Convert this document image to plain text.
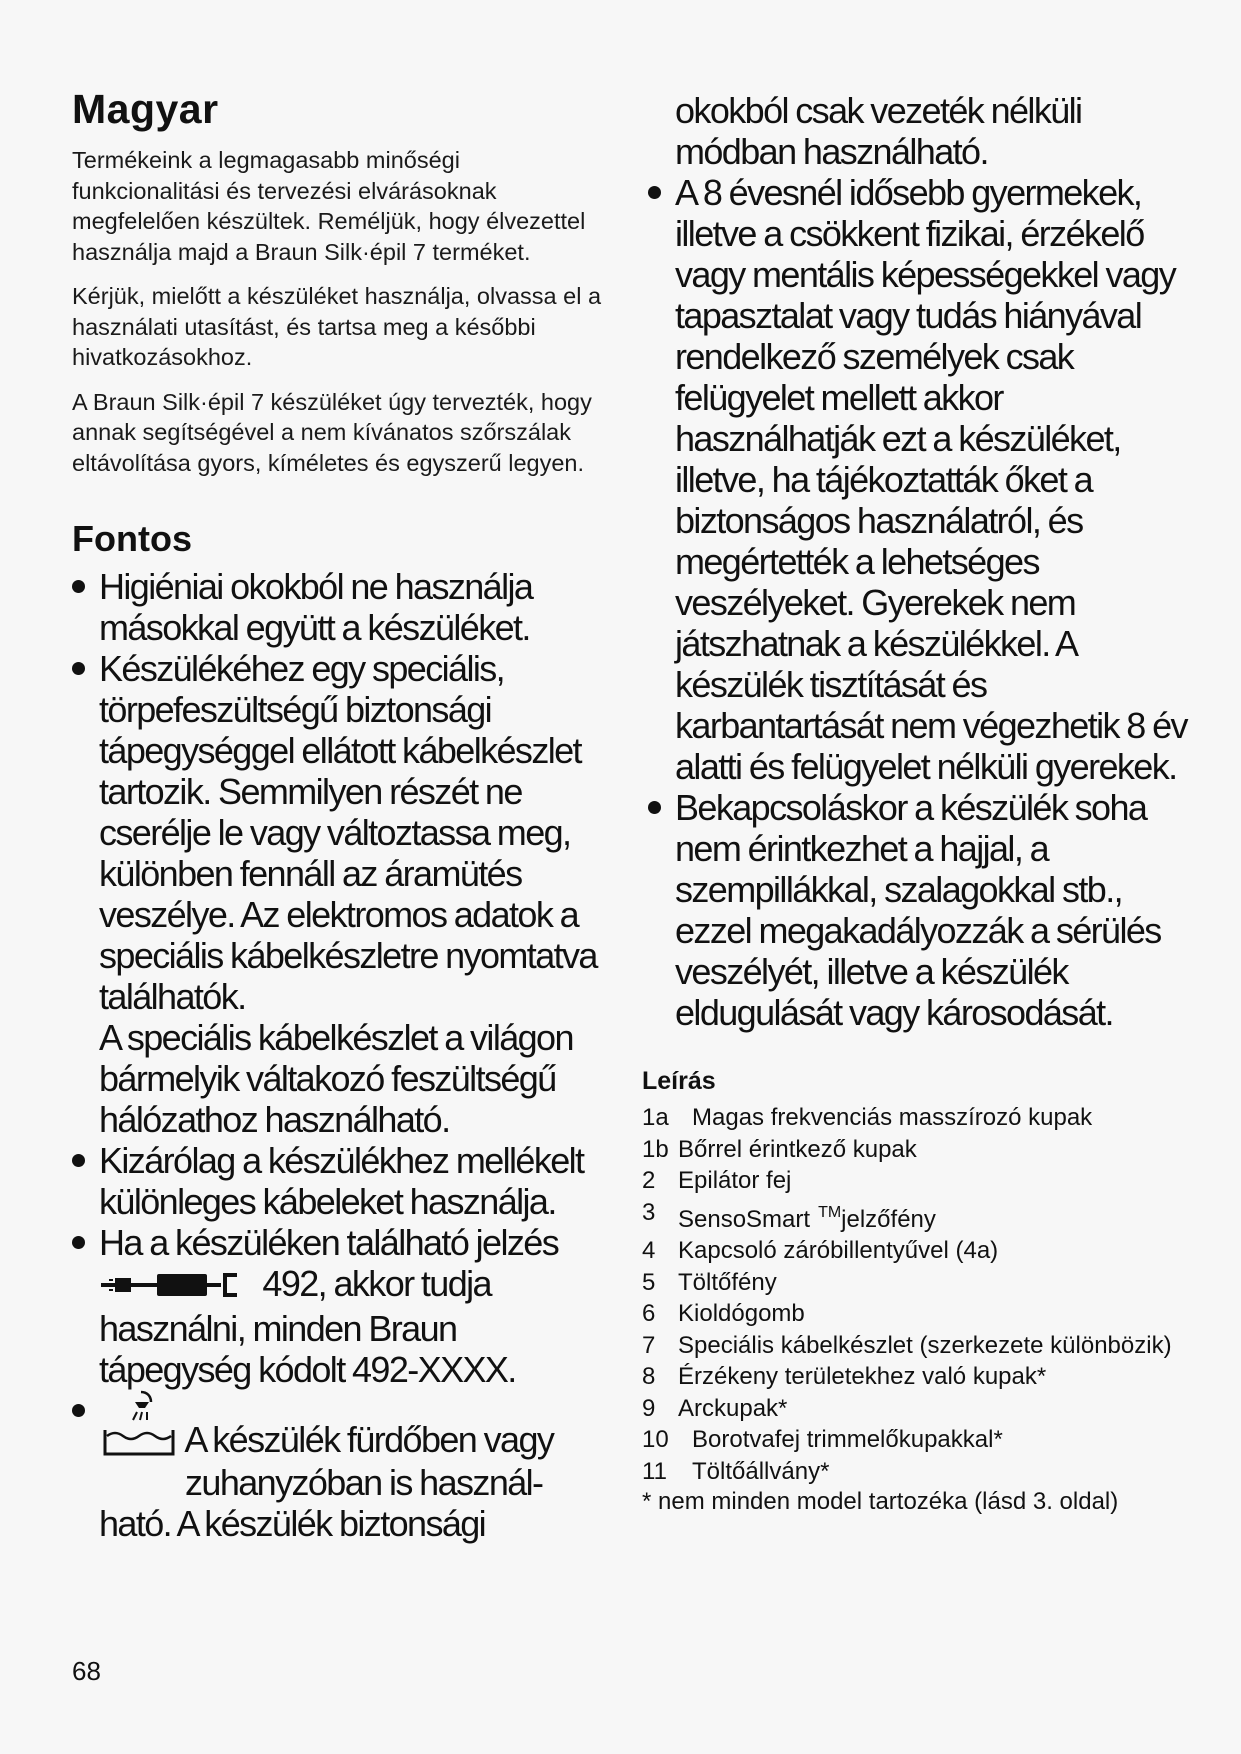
Magyar

Termékeink a legmagasabb minőségi funkcionalitási és tervezési elvárásoknak megfelelően készültek. Reméljük, hogy élvezettel használja majd a Braun Silk·épil 7 terméket.

Kérjük, mielőtt a készüléket használja, olvassa el a használati utasítást, és tartsa meg a későbbi hivatkozásokhoz.

A Braun Silk·épil 7 készüléket úgy tervezték, hogy annak segítségével a nem kívánatos szőrszálak eltávolítása gyors, kíméletes és egyszerű legyen.

Fontos
Higiéniai okokból ne használja másokkal együtt a készüléket.
Készülékéhez egy speciális, törpefeszültségű biztonsági tápegységgel ellátott kábelkészlet tartozik. Semmilyen részét ne cserélje le vagy változtassa meg, különben fennáll az áramütés veszélye. Az elektromos adatok a speciális kábelkészletre nyomtatva találhatók.
A speciális kábelkészlet a világon bármelyik váltakozó feszültségű hálózathoz használható.
Kizárólag a készülékhez mellékelt különleges kábeleket használja.
Ha a készüléken található jelzés  492, akkor tudja használni, minden Braun tápegység kódolt 492-XXXX.
A készülék fürdőben vagy
zuhanyzóban is használ-
ható. A készülék biztonsági

okokból csak vezeték nélküli módban használható.

A 8 évesnél idősebb gyermekek, illetve a csökkent fizikai, érzékelő vagy mentális képességekkel vagy tapasztalat vagy tudás hiányával rendelkező személyek csak felügyelet mellett akkor használhatják ezt a készüléket, illetve, ha tájékoztatták őket a biztonságos használatról, és megértették a lehetséges veszélyeket. Gyerekek nem játszhatnak a készülékkel. A készülék tisztítását és karbantartását nem végezhetik 8 év alatti és felügyelet nélküli gyerekek.
Bekapcsoláskor a készülék soha nem érintkezhet a hajjal, a szempillákkal, szalagokkal stb., ezzel megakadályozzák a sérülés veszélyét, illetve a készülék eldugulását vagy károsodását.
Leírás
1a Magas frekvenciás masszírozó kupak
1b Bőrrel érintkező kupak
2 Epilátor fej
3 SensoSmart ™jelzőfény
4 Kapcsoló záróbillentyűvel (4a)
5 Töltőfény
6 Kioldógomb
7 Speciális kábelkészlet (szerkezete különbözik)
8 Érzékeny területekhez való kupak*
9 Arckupak*
10 Borotvafej trimmelőkupakkal*
11	Töltőállvány*
* nem minden model tartozéka (lásd 3. oldal)
68
